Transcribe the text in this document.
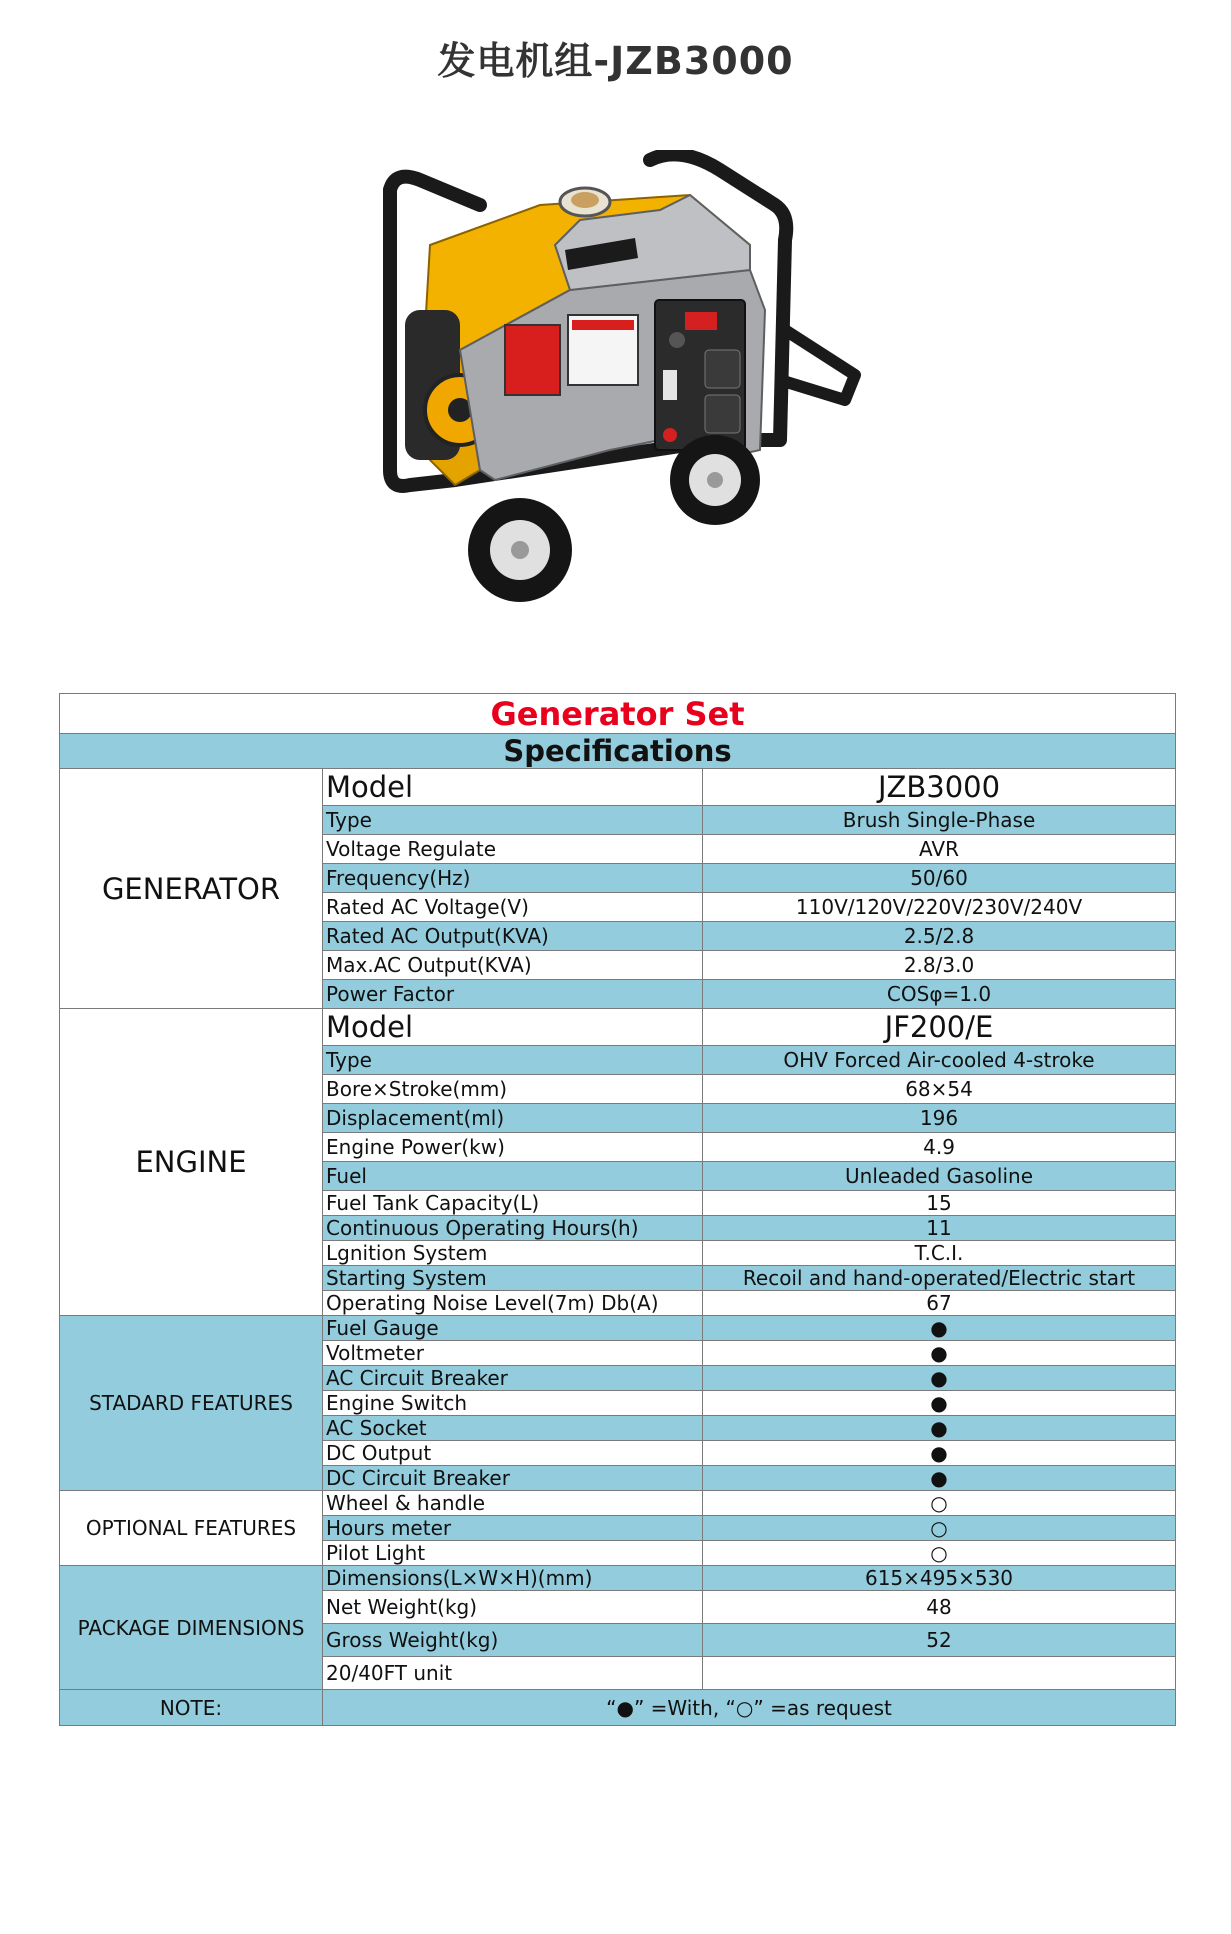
发电机组-JZB3000
Generator Set		
Specifications		
GENERATOR	Model	JZB3000
	Type	Brush Single-Phase
	Voltage Regulate	AVR
	Frequency(Hz)	50/60
	Rated AC Voltage(V)	110V/120V/220V/230V/240V
	Rated AC Output(KVA)	2.5/2.8
	Max.AC Output(KVA)	2.8/3.0
	Power Factor	COSφ=1.0
ENGINE	Model	JF200/E
	Type	OHV Forced Air-cooled 4-stroke
	Bore×Stroke(mm)	68×54
	Displacement(ml)	196
	Engine Power(kw)	4.9
	Fuel	Unleaded Gasoline
	Fuel Tank Capacity(L)	15
	Continuous Operating Hours(h)	11
	Lgnition System	T.C.I.
	Starting System	Recoil and hand-operated/Electric start
	Operating Noise Level(7m) Db(A)	67
STADARD FEATURES	Fuel Gauge	●
	Voltmeter	●
	AC Circuit Breaker	●
	Engine Switch	●
	AC Socket	●
	DC Output	●
	DC Circuit Breaker	●
OPTIONAL FEATURES	Wheel & handle	○
	Hours meter	○
	Pilot Light	○
PACKAGE DIMENSIONS	Dimensions(L×W×H)(mm)	615×495×530
	Net Weight(kg)	48
	Gross Weight(kg)	52
	20/40FT unit	
NOTE:	“●” =With, “○” =as request	
